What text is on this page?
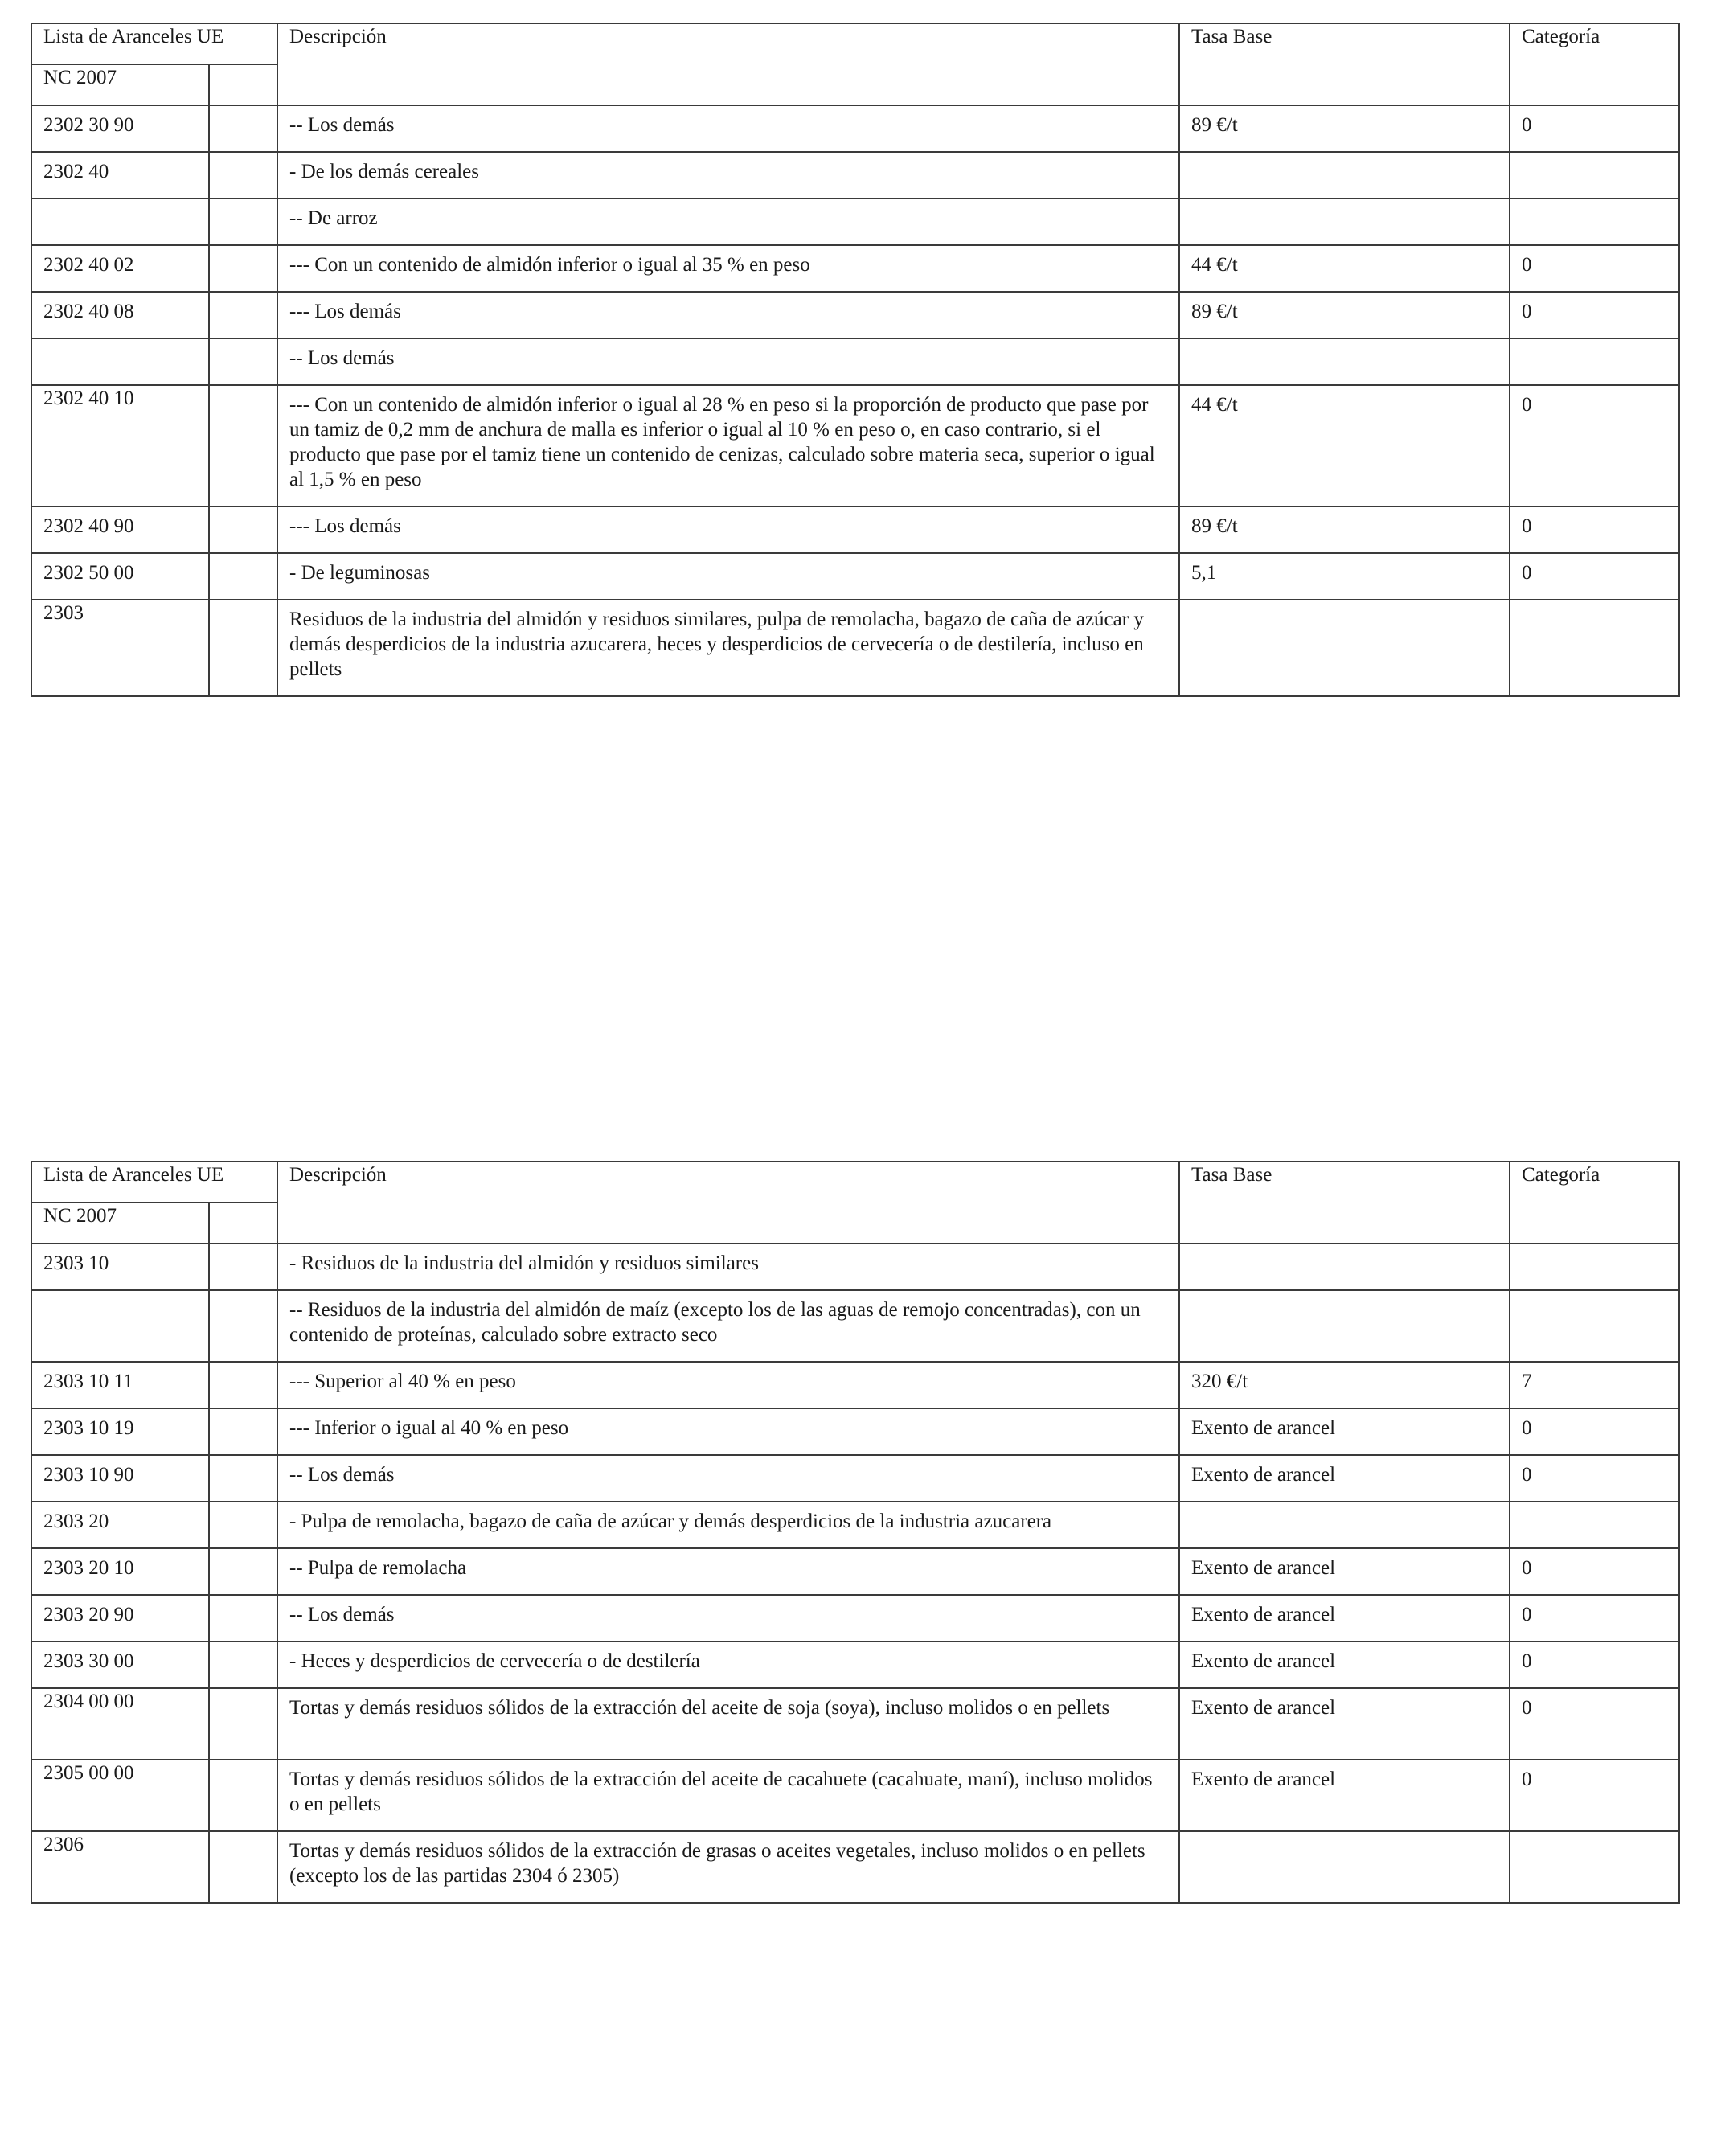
Lista de Aranceles UE		Descripción	Tasa Base	Categoría
NC 2007				
2302 30 90		-- Los demás	89 €/t	0
2302 40		- De los demás cereales		
		-- De arroz		
2302 40 02		--- Con un contenido de almidón inferior o igual al 35 % en peso	44 €/t	0
2302 40 08		--- Los demás	89 €/t	0
		-- Los demás		
2302 40 10		--- Con un contenido de almidón inferior o igual al 28 % en peso si la proporción de producto que pase por un tamiz de 0,2 mm de anchura de malla es inferior o igual al 10 % en peso o, en caso contrario, si el producto que pase por el tamiz tiene un contenido de cenizas, calculado sobre materia seca, superior o igual al 1,5 % en peso	44 €/t	0
2302 40 90		--- Los demás	89 €/t	0
2302 50 00		- De leguminosas	5,1	0
2303		Residuos de la industria del almidón y residuos similares, pulpa de remolacha, bagazo de caña de azúcar y demás desperdicios de la industria azucarera, heces y desperdicios de cervecería o de destilería, incluso en pellets		
Lista de Aranceles UE		Descripción	Tasa Base	Categoría
NC 2007				
2303 10		- Residuos de la industria del almidón y residuos similares		
		-- Residuos de la industria del almidón de maíz (excepto los de las aguas de remojo concentradas), con un contenido de proteínas, calculado sobre extracto seco		
2303 10 11		--- Superior al 40 % en peso	320 €/t	7
2303 10 19		--- Inferior o igual al 40 % en peso	Exento de arancel	0
2303 10 90		-- Los demás	Exento de arancel	0
2303 20		- Pulpa de remolacha, bagazo de caña de azúcar y demás desperdicios de la industria azucarera		
2303 20 10		-- Pulpa de remolacha	Exento de arancel	0
2303 20 90		-- Los demás	Exento de arancel	0
2303 30 00		- Heces y desperdicios de cervecería o de destilería	Exento de arancel	0
2304 00 00		Tortas y demás residuos sólidos de la extracción del aceite de soja (soya), incluso molidos o en pellets	Exento de arancel	0
2305 00 00		Tortas y demás residuos sólidos de la extracción del aceite de cacahuete (cacahuate, maní), incluso molidos o en pellets	Exento de arancel	0
2306		Tortas y demás residuos sólidos de la extracción de grasas o aceites vegetales, incluso molidos o en pellets (excepto los de las partidas 2304 ó 2305)		
